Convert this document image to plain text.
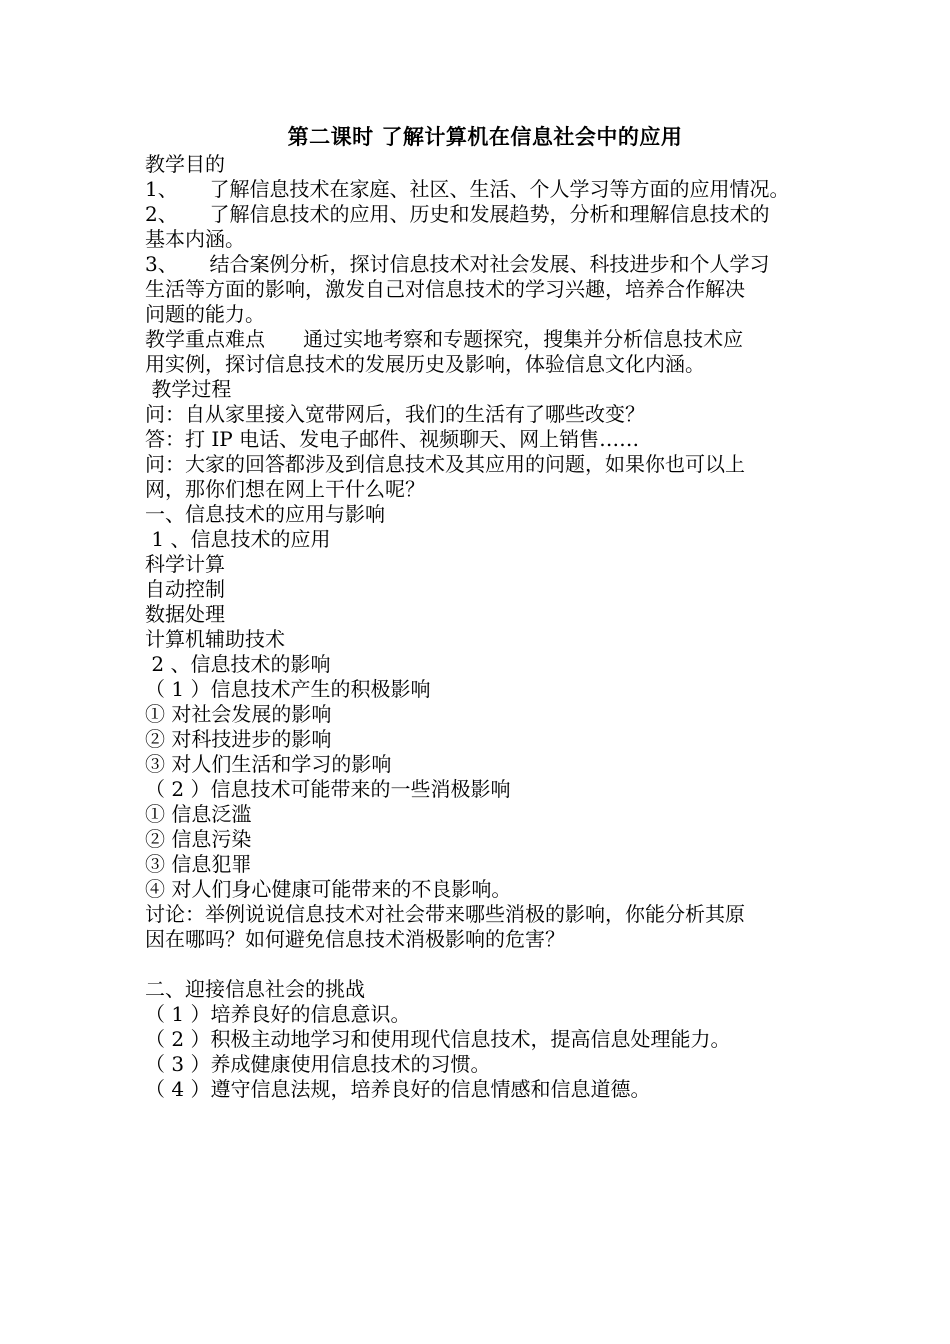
第二课时 了解计算机在信息社会中的应用
教学目的
1、     了解信息技术在家庭、社区、生活、个人学习等方面的应用情况。
2、     了解信息技术的应用、历史和发展趋势，分析和理解信息技术的
基本内涵。
3、     结合案例分析，探讨信息技术对社会发展、科技进步和个人学习
生活等方面的影响，激发自己对信息技术的学习兴趣，培养合作解决
问题的能力。
教学重点难点      通过实地考察和专题探究，搜集并分析信息技术应
用实例，探讨信息技术的发展历史及影响，体验信息文化内涵。
教学过程
问：自从家里接入宽带网后，我们的生活有了哪些改变？
答：打 IP 电话、发电子邮件、视频聊天、网上销售……
问：大家的回答都涉及到信息技术及其应用的问题，如果你也可以上
网，那你们想在网上干什么呢？
一、信息技术的应用与影响
1 、信息技术的应用
科学计算
自动控制
数据处理
计算机辅助技术
2 、信息技术的影响
（ 1 ）信息技术产生的积极影响
① 对社会发展的影响
② 对科技进步的影响
③ 对人们生活和学习的影响
（ 2 ）信息技术可能带来的一些消极影响
① 信息泛滥
② 信息污染
③ 信息犯罪
④ 对人们身心健康可能带来的不良影响。
讨论：举例说说信息技术对社会带来哪些消极的影响，你能分析其原
因在哪吗？如何避免信息技术消极影响的危害？
二、迎接信息社会的挑战
（ 1 ）培养良好的信息意识。
（ 2 ）积极主动地学习和使用现代信息技术，提高信息处理能力。
（ 3 ）养成健康使用信息技术的习惯。
（ 4 ）遵守信息法规，培养良好的信息情感和信息道德。
